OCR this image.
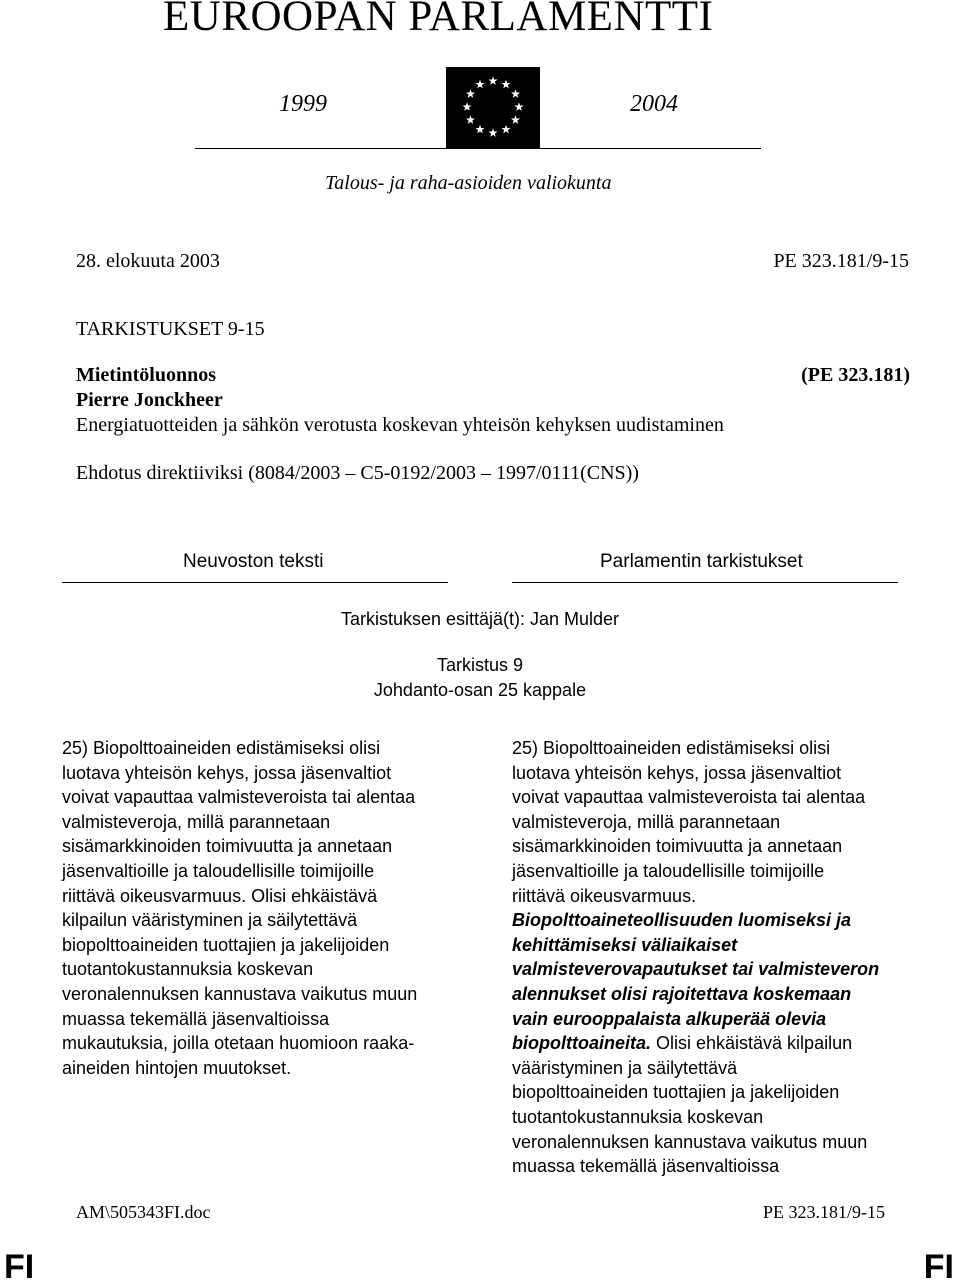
EUROOPAN PARLAMENTTI
1999	2004
Talous- ja raha-asioiden valiokunta
28. elokuuta 2003	PE 323.181/9-15
TARKISTUKSET 9-15
Mietintöluonnos	(PE 323.181)
Pierre Jonckheer
Energiatuotteiden ja sähkön verotusta koskevan yhteisön kehyksen uudistaminen
Ehdotus direktiiviksi (8084/2003 – C5-0192/2003 – 1997/0111(CNS))
Neuvoston teksti	Parlamentin tarkistukset
Tarkistuksen esittäjä(t): Jan Mulder
Tarkistus 9
Johdanto-osan 25 kappale
25) Biopolttoaineiden edistämiseksi olisi
luotava yhteisön kehys, jossa jäsenvaltiot
voivat vapauttaa valmisteveroista tai alentaa
valmisteveroja, millä parannetaan
sisämarkkinoiden toimivuutta ja annetaan
jäsenvaltioille ja taloudellisille toimijoille
riittävä oikeusvarmuus. Olisi ehkäistävä
kilpailun vääristyminen ja säilytettävä
biopolttoaineiden tuottajien ja jakelijoiden
tuotantokustannuksia koskevan
veronalennuksen kannustava vaikutus muun
muassa tekemällä jäsenvaltioissa
mukautuksia, joilla otetaan huomioon raaka-
aineiden hintojen muutokset.
25) Biopolttoaineiden edistämiseksi olisi
luotava yhteisön kehys, jossa jäsenvaltiot
voivat vapauttaa valmisteveroista tai alentaa
valmisteveroja, millä parannetaan
sisämarkkinoiden toimivuutta ja annetaan
jäsenvaltioille ja taloudellisille toimijoille
riittävä oikeusvarmuus.
Biopolttoaineteollisuuden luomiseksi ja
kehittämiseksi väliaikaiset
valmisteverovapautukset tai valmisteveron
alennukset olisi rajoitettava koskemaan
vain eurooppalaista alkuperää olevia
biopolttoaineita. Olisi ehkäistävä kilpailun
vääristyminen ja säilytettävä
biopolttoaineiden tuottajien ja jakelijoiden
tuotantokustannuksia koskevan
veronalennuksen kannustava vaikutus muun
muassa tekemällä jäsenvaltioissa
AM\505343FI.doc	PE 323.181/9-15
FI	FI
